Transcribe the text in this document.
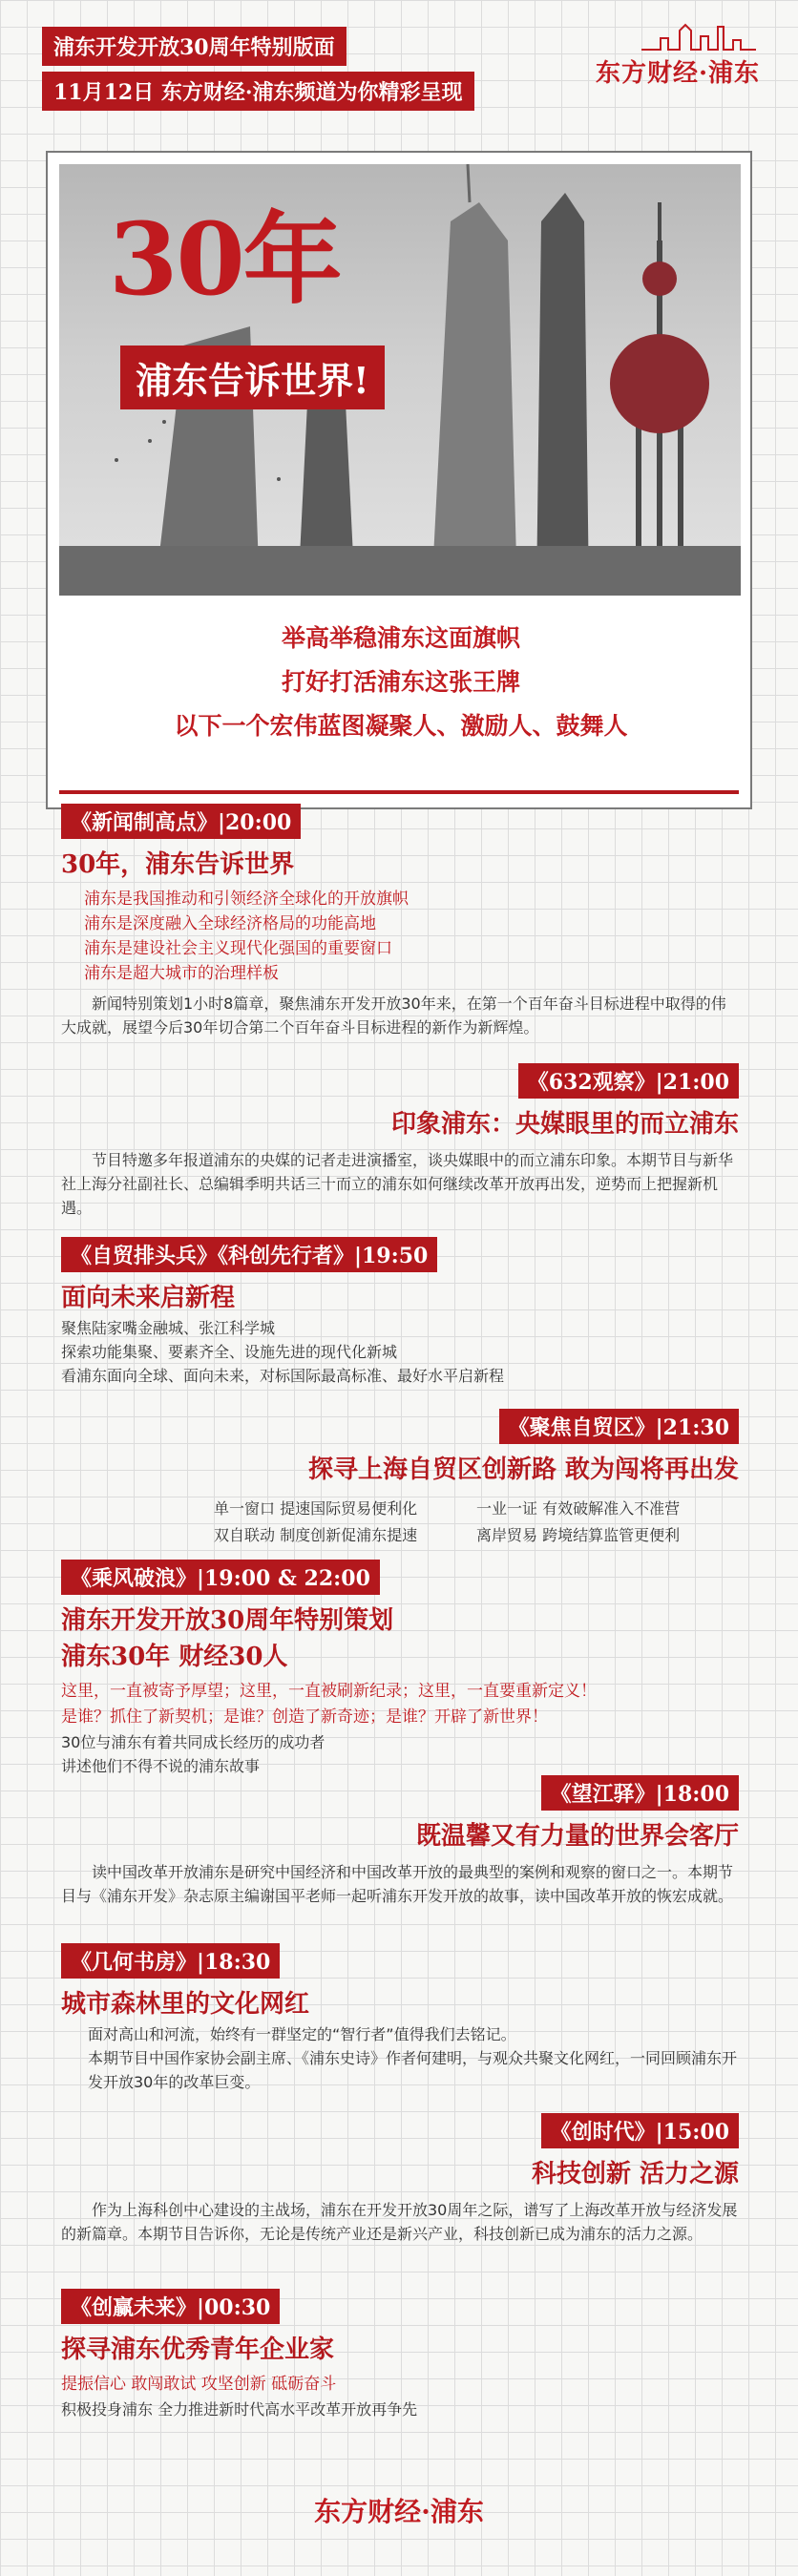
浦东开发开放30周年特别版面
11月12日 东方财经·浦东频道为你精彩呈现
东方财经·浦东
30年
浦东告诉世界!
举高举稳浦东这面旗帜
打好打活浦东这张王牌
以下一个宏伟蓝图凝聚人、激励人、鼓舞人
《新闻制高点》|20:00
30年，浦东告诉世界
浦东是我国推动和引领经济全球化的开放旗帜
浦东是深度融入全球经济格局的功能高地
浦东是建设社会主义现代化强国的重要窗口
浦东是超大城市的治理样板
新闻特别策划1小时8篇章，聚焦浦东开发开放30年来，在第一个百年奋斗目标进程中取得的伟大成就，展望今后30年切合第二个百年奋斗目标进程的新作为新辉煌。
《632观察》|21:00
印象浦东：央媒眼里的而立浦东
节目特邀多年报道浦东的央媒的记者走进演播室，谈央媒眼中的而立浦东印象。本期节目与新华社上海分社副社长、总编辑季明共话三十而立的浦东如何继续改革开放再出发，逆势而上把握新机遇。
《自贸排头兵》《科创先行者》|19:50
面向未来启新程
聚焦陆家嘴金融城、张江科学城
探索功能集聚、要素齐全、设施先进的现代化新城
看浦东面向全球、面向未来，对标国际最高标准、最好水平启新程
《聚焦自贸区》|21:30
探寻上海自贸区创新路 敢为闯将再出发
单一窗口 提速国际贸易便利化	一业一证 有效破解准入不准营
双自联动 制度创新促浦东提速	离岸贸易 跨境结算监管更便利
《乘风破浪》|19:00 & 22:00
浦东开发开放30周年特别策划
浦东30年 财经30人
这里，一直被寄予厚望；这里，一直被刷新纪录；这里，一直要重新定义！
是谁？抓住了新契机；是谁？创造了新奇迹；是谁？开辟了新世界！
30位与浦东有着共同成长经历的成功者
讲述他们不得不说的浦东故事
《望江驿》|18:00
既温馨又有力量的世界会客厅
读中国改革开放浦东是研究中国经济和中国改革开放的最典型的案例和观察的窗口之一。本期节目与《浦东开发》杂志原主编谢国平老师一起听浦东开发开放的故事，读中国改革开放的恢宏成就。
《几何书房》|18:30
城市森林里的文化网红
面对高山和河流，始终有一群坚定的“智行者”值得我们去铭记。
本期节目中国作家协会副主席、《浦东史诗》作者何建明，与观众共聚文化网红，一同回顾浦东开发开放30年的改革巨变。
《创时代》|15:00
科技创新 活力之源
作为上海科创中心建设的主战场，浦东在开发开放30周年之际，谱写了上海改革开放与经济发展的新篇章。本期节目告诉你，无论是传统产业还是新兴产业，科技创新已成为浦东的活力之源。
《创赢未来》|00:30
探寻浦东优秀青年企业家
提振信心 敢闯敢试 攻坚创新 砥砺奋斗
积极投身浦东 全力推进新时代高水平改革开放再争先
东方财经·浦东
